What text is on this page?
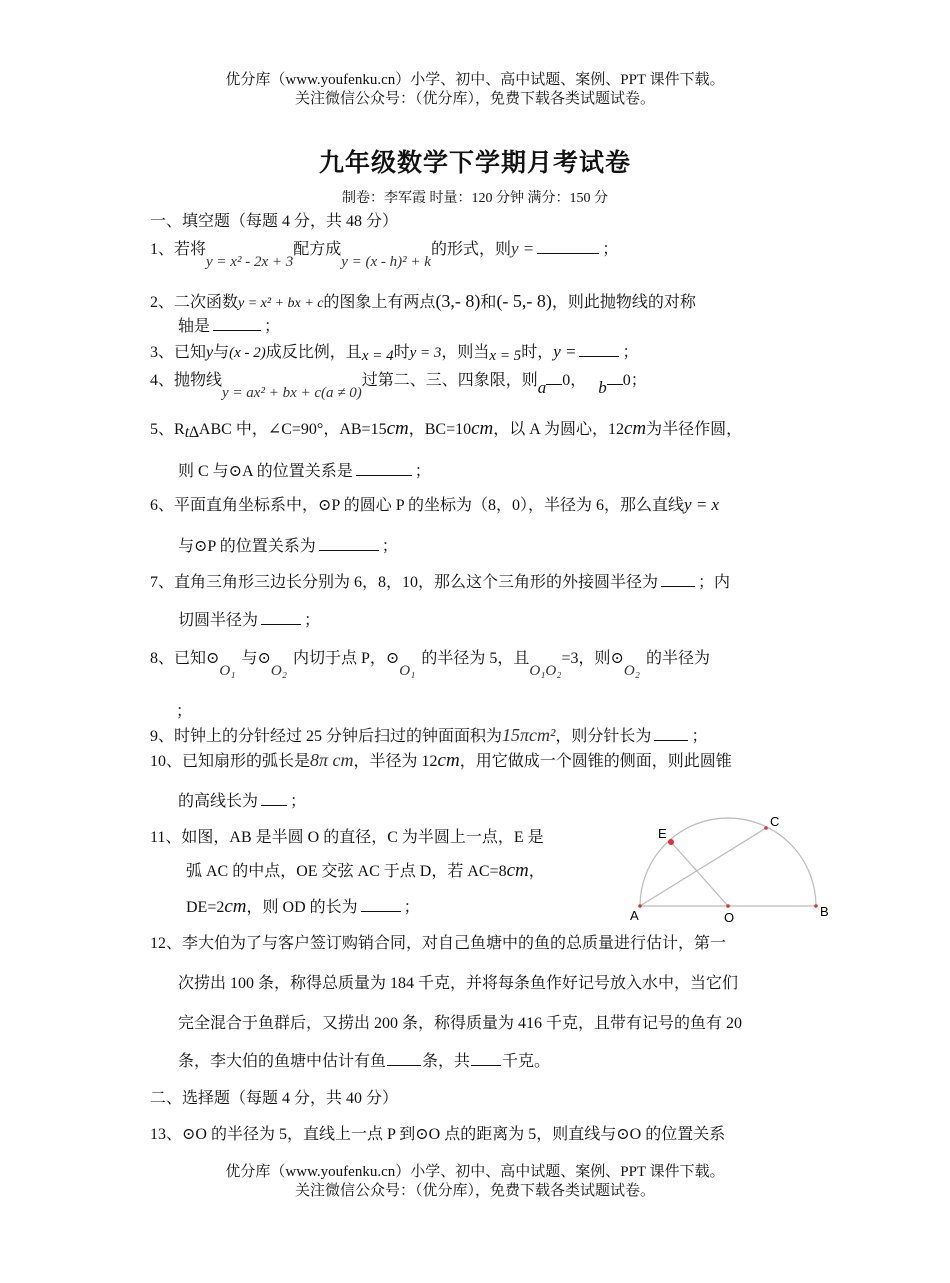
优分库（www.youfenku.cn）小学、初中、高中试题、案例、PPT 课件下载。
关注微信公众号：（优分库），免费下载各类试题试卷。
九年级数学下学期月考试卷
制卷：李军霞 时量：120 分钟 满分：150 分
一、填空题（每题 4 分，共 48 分）
1、若将y = x² - 2x + 3配方成y = (x - h)² + k的形式，则y =	；
2、二次函数y = x² + bx + c的图象上有两点(3,- 8)和(- 5,- 8)，则此抛物线的对称
轴是	；
3、已知y与(x - 2)成反比例，且x = 4时y = 3，则当x = 5时，y =	；
4、抛物线y = ax² + bx + c(a ≠ 0)过第二、三、四象限，则a 0， b 0；
5、Rt∆ABC 中，∠C=90°，AB=15cm，BC=10cm，以 A 为圆心，12cm为半径作圆，
则 C 与⊙A 的位置关系是	；
6、平面直角坐标系中，⊙P 的圆心 P 的坐标为（8，0），半径为 6，那么直线y = x
与⊙P 的位置关系为	；
7、直角三角形三边长分别为 6，8，10，那么这个三角形的外接圆半径为	；内
切圆半径为	；
8、已知⊙O₁与⊙O₂内切于点 P，⊙O₁的半径为 5，且O₁O₂=3，则⊙O₂的半径为
；
9、时钟上的分针经过 25 分钟后扫过的钟面面积为15πcm²，则分针长为	；
10、已知扇形的弧长是8π cm，半径为 12cm，用它做成一个圆锥的侧面，则此圆锥
的高线长为 ；
11、如图，AB 是半圆 O 的直径，C 为半圆上一点，E 是
弧 AC 的中点，OE 交弦 AC 于点 D，若 AC=8cm，
DE=2cm，则 OD 的长为	；	A	O	B
C
E
12、李大伯为了与客户签订购销合同，对自己鱼塘中的鱼的总质量进行估计，第一
次捞出 100 条，称得总质量为 184 千克，并将每条鱼作好记号放入水中，当它们
完全混合于鱼群后，又捞出 200 条，称得质量为 416 千克，且带有记号的鱼有 20
条，李大伯的鱼塘中估计有鱼 条，共 千克。
二、选择题（每题 4 分，共 40 分）
13、⊙O 的半径为 5，直线上一点 P 到⊙O 点的距离为 5，则直线与⊙O 的位置关系
优分库（www.youfenku.cn）小学、初中、高中试题、案例、PPT 课件下载。
关注微信公众号：（优分库），免费下载各类试题试卷。
